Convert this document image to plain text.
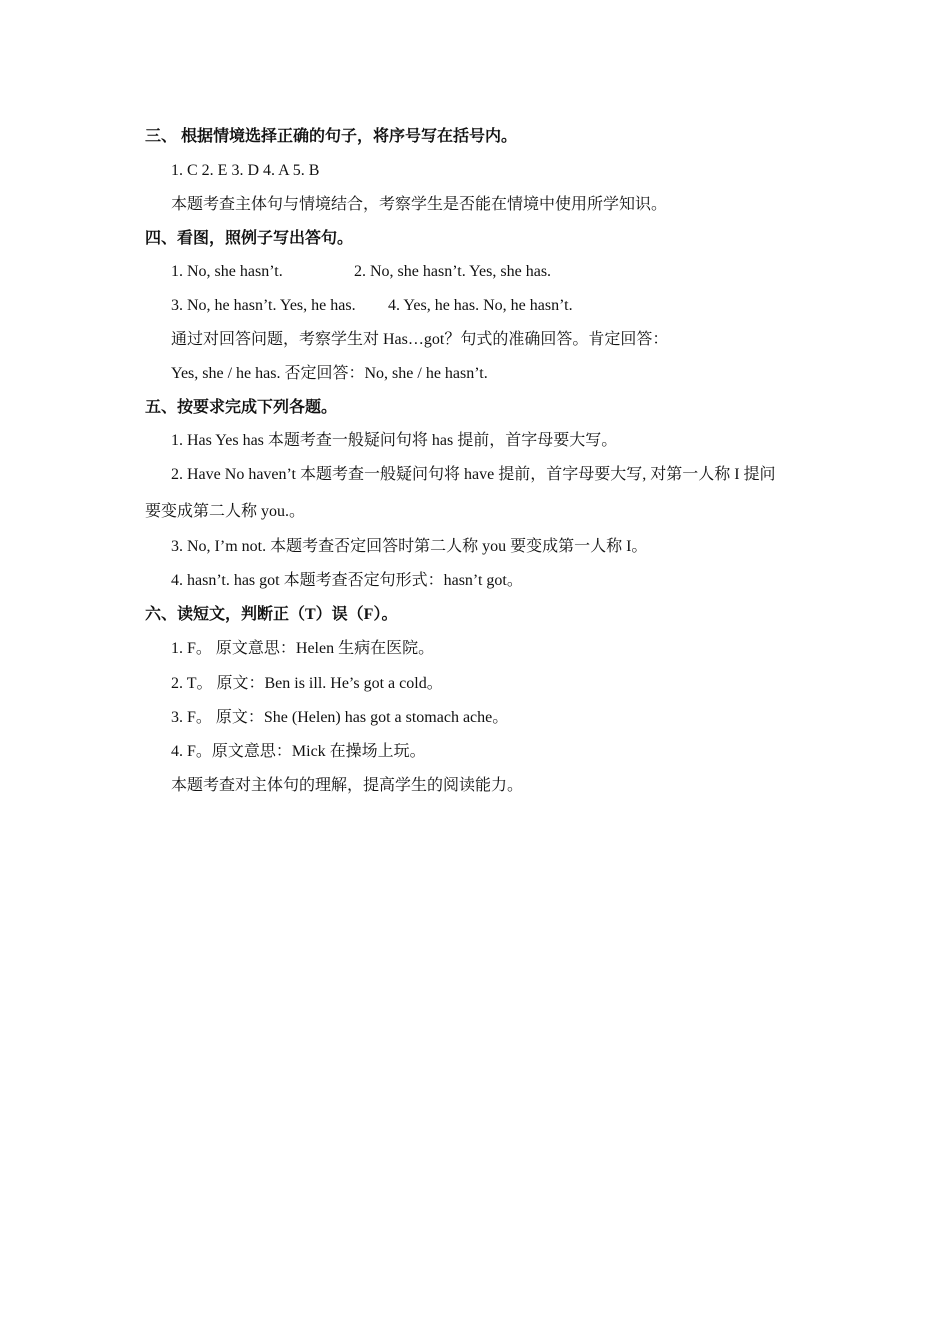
三、 根据情境选择正确的句子，将序号写在括号内。
1. C 2. E 3. D 4. A 5. B
本题考查主体句与情境结合，考察学生是否能在情境中使用所学知识。
四、看图，照例子写出答句。
1. No, she hasn’t.	2. No, she hasn’t. Yes, she has.
3. No, he hasn’t. Yes, he has. 4. Yes, he has. No, he hasn’t.
通过对回答问题，考察学生对 Has…got？句式的准确回答。肯定回答：
Yes, she / he has. 否定回答：No, she / he hasn’t.
五、按要求完成下列各题。
1. Has Yes has 本题考查一般疑问句将 has 提前，首字母要大写。
2. Have No haven’t 本题考查一般疑问句将 have 提前，首字母要大写, 对第一人称 I 提问
要变成第二人称 you.。
3. No, I’m not. 本题考查否定回答时第二人称 you 要变成第一人称 I。
4. hasn’t. has got 本题考查否定句形式：hasn’t got。
六、读短文，判断正（T）误（F）。
1. F。 原文意思：Helen 生病在医院。
2. T。 原文：Ben is ill. He’s got a cold。
3. F。 原文：She (Helen) has got a stomach ache。
4. F。原文意思：Mick 在操场上玩。
本题考查对主体句的理解，提高学生的阅读能力。
